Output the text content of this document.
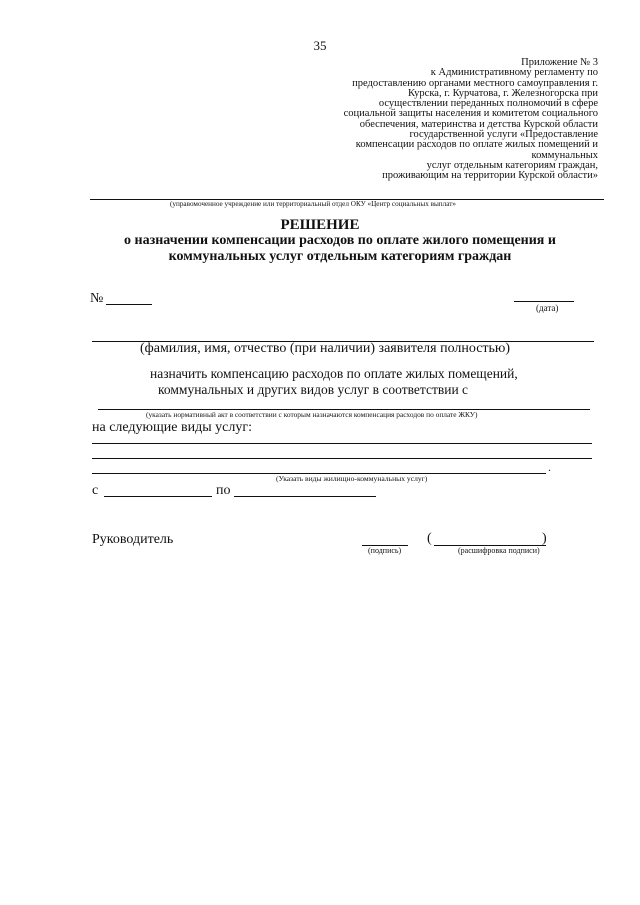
35
Приложение № 3
к Административному регламенту по
предоставлению органами местного самоуправления г.
Курска, г. Курчатова, г. Железногорска при
осуществлении переданных полномочий в сфере
социальной защиты населения и комитетом социального
обеспечения, материнства и детства Курской области
государственной услуги «Предоставление
компенсации расходов по оплате жилых помещений и
коммунальных
услуг отдельным категориям граждан,
проживающим на территории Курской области»
(управомоченное учреждение или территориальный отдел ОКУ «Центр социальных выплат»
РЕШЕНИЕ
о назначении компенсации расходов по оплате жилого помещения и
коммунальных услуг отдельным категориям граждан
№
(дата)
(фамилия, имя, отчество (при наличии) заявителя полностью)
назначить компенсацию расходов по оплате жилых помещений,
коммунальных и других видов услуг в соответствии с
(указать нормативный акт в соответствии с которым назначаются компенсация расходов по оплате ЖКУ)
на следующие виды услуг:
.
(Указать виды жилищно-коммунальных услуг)
с	по
Руководитель
(подпись)
(	)
(расшифровка подписи)
